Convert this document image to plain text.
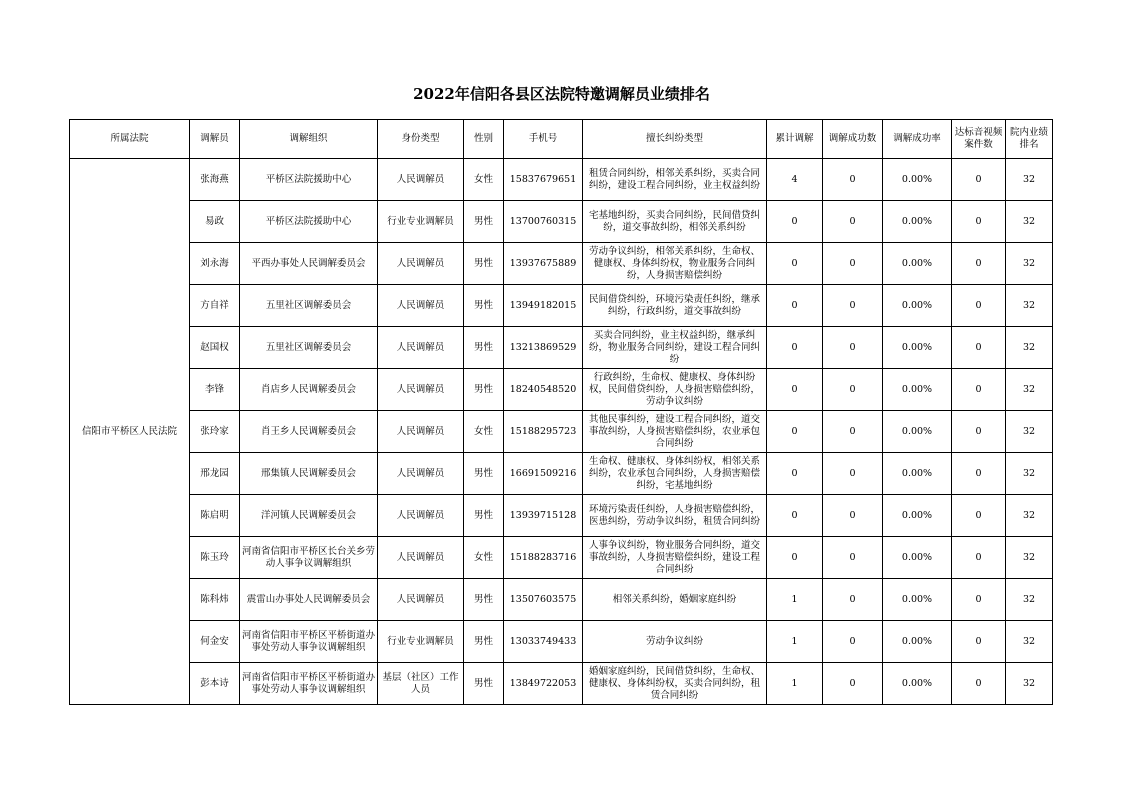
2022年信阳各县区法院特邀调解员业绩排名
所属法院	调解员	调解组织	身份类型	性别	手机号	擅长纠纷类型	累计调解	调解成功数	调解成功率	达标音视频案件数	院内业绩排名
信阳市平桥区人民法院	张海燕	平桥区法院援助中心	人民调解员	女性	15837679651	租赁合同纠纷，相邻关系纠纷，买卖合同纠纷，建设工程合同纠纷，业主权益纠纷	4	0	0.00%	0	32
	易政	平桥区法院援助中心	行业专业调解员	男性	13700760315	宅基地纠纷，买卖合同纠纷，民间借贷纠纷，道交事故纠纷，相邻关系纠纷	0	0	0.00%	0	32
	刘永海	平西办事处人民调解委员会	人民调解员	男性	13937675889	劳动争议纠纷，相邻关系纠纷，生命权、健康权、身体纠纷权，物业服务合同纠纷，人身损害赔偿纠纷	0	0	0.00%	0	32
	方自祥	五里社区调解委员会	人民调解员	男性	13949182015	民间借贷纠纷，环境污染责任纠纷，继承纠纷，行政纠纷，道交事故纠纷	0	0	0.00%	0	32
	赵国权	五里社区调解委员会	人民调解员	男性	13213869529	买卖合同纠纷，业主权益纠纷，继承纠纷，物业服务合同纠纷，建设工程合同纠纷	0	0	0.00%	0	32
	李锋	肖店乡人民调解委员会	人民调解员	男性	18240548520	行政纠纷，生命权、健康权、身体纠纷权，民间借贷纠纷，人身损害赔偿纠纷，劳动争议纠纷	0	0	0.00%	0	32
	张玲家	肖王乡人民调解委员会	人民调解员	女性	15188295723	其他民事纠纷，建设工程合同纠纷，道交事故纠纷，人身损害赔偿纠纷，农业承包合同纠纷	0	0	0.00%	0	32
	邢龙园	邢集镇人民调解委员会	人民调解员	男性	16691509216	生命权、健康权、身体纠纷权，相邻关系纠纷，农业承包合同纠纷，人身损害赔偿纠纷，宅基地纠纷	0	0	0.00%	0	32
	陈启明	洋河镇人民调解委员会	人民调解员	男性	13939715128	环境污染责任纠纷，人身损害赔偿纠纷，医患纠纷，劳动争议纠纷，租赁合同纠纷	0	0	0.00%	0	32
	陈玉玲	河南省信阳市平桥区长台关乡劳动人事争议调解组织	人民调解员	女性	15188283716	人事争议纠纷，物业服务合同纠纷，道交事故纠纷，人身损害赔偿纠纷，建设工程合同纠纷	0	0	0.00%	0	32
	陈科炜	震雷山办事处人民调解委员会	人民调解员	男性	13507603575	相邻关系纠纷，婚姻家庭纠纷	1	0	0.00%	0	32
	何金安	河南省信阳市平桥区平桥街道办事处劳动人事争议调解组织	行业专业调解员	男性	13033749433	劳动争议纠纷	1	0	0.00%	0	32
	彭本诗	河南省信阳市平桥区平桥街道办事处劳动人事争议调解组织	基层（社区）工作人员	男性	13849722053	婚姻家庭纠纷，民间借贷纠纷，生命权、健康权、身体纠纷权，买卖合同纠纷，租赁合同纠纷	1	0	0.00%	0	32
